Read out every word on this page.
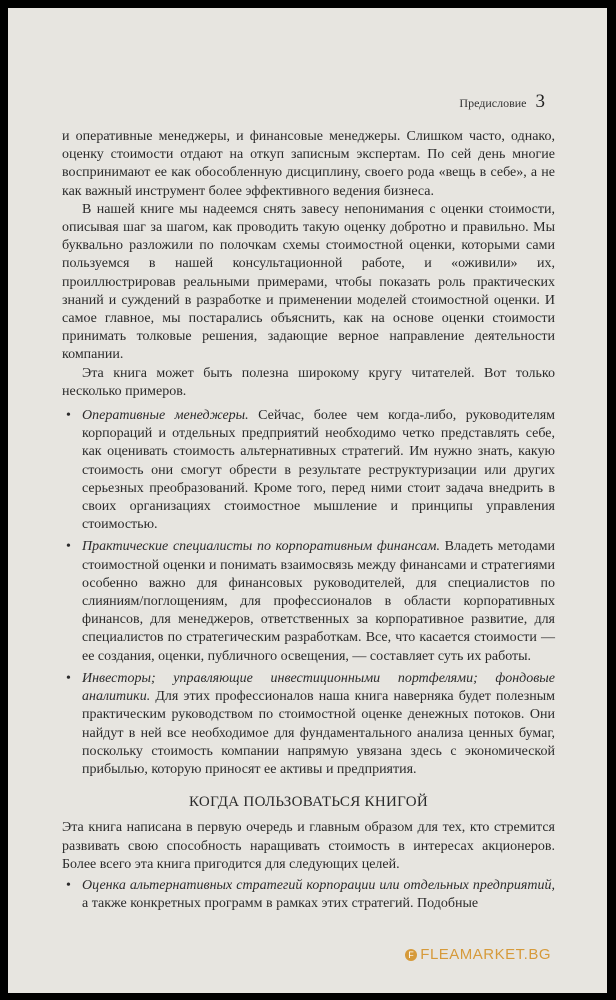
Предисловие 3

и оперативные менеджеры, и финансовые менеджеры. Слишком часто, однако, оценку стоимости отдают на откуп записным экспертам. По сей день многие воспринимают ее как обособленную дисциплину, своего рода «вещь в себе», а не как важный инструмент более эффективного ведения бизнеса.

В нашей книге мы надеемся снять завесу непонимания с оценки стоимости, описывая шаг за шагом, как проводить такую оценку добротно и правильно. Мы буквально разложили по полочкам схемы стоимостной оценки, которыми сами пользуемся в нашей консультационной работе, и «оживили» их, проиллюстрировав реальными примерами, чтобы показать роль практических знаний и суждений в разработке и применении моделей стоимостной оценки. И самое главное, мы постарались объяснить, как на основе оценки стоимости принимать толковые решения, задающие верное направление деятельности компании.

Эта книга может быть полезна широкому кругу читателей. Вот только несколько примеров.

• Оперативные менеджеры. Сейчас, более чем когда-либо, руководителям корпораций и отдельных предприятий необходимо четко представлять себе, как оценивать стоимость альтернативных стратегий. Им нужно знать, какую стоимость они смогут обрести в результате реструктуризации или других серьезных преобразований. Кроме того, перед ними стоит задача внедрить в своих организациях стоимостное мышление и принципы управления стоимостью.
• Практические специалисты по корпоративным финансам. Владеть методами стоимостной оценки и понимать взаимосвязь между финансами и стратегиями особенно важно для финансовых руководителей, для специалистов по слияниям/поглощениям, для профессионалов в области корпоративных финансов, для менеджеров, ответственных за корпоративное развитие, для специалистов по стратегическим разработкам. Все, что касается стоимости — ее создания, оценки, публичного освещения, — составляет суть их работы.
• Инвесторы; управляющие инвестиционными портфелями; фондовые аналитики. Для этих профессионалов наша книга наверняка будет полезным практическим руководством по стоимостной оценке денежных потоков. Они найдут в ней все необходимое для фундаментального анализа ценных бумаг, поскольку стоимость компании напрямую увязана здесь с экономической прибылью, которую приносят ее активы и предприятия.
КОГДА ПОЛЬЗОВАТЬСЯ КНИГОЙ

Эта книга написана в первую очередь и главным образом для тех, кто стремится развивать свою способность наращивать стоимость в интересах акционеров. Более всего эта книга пригодится для следующих целей.

• Оценка альтернативных стратегий корпорации или отдельных предприятий, а также конкретных программ в рамках этих стратегий. Подобные
F FLEAMARKET.BG
